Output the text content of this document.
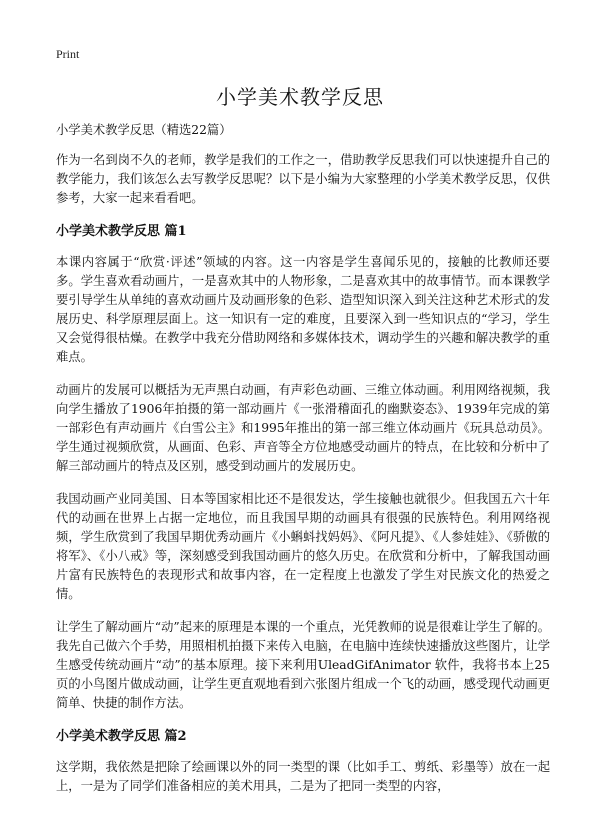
Print
小学美术教学反思
小学美术教学反思（精选22篇）

作为一名到岗不久的老师，教学是我们的工作之一，借助教学反思我们可以快速提升自己的教学能力，我们该怎么去写教学反思呢？以下是小编为大家整理的小学美术教学反思，仅供参考，大家一起来看看吧。

小学美术教学反思 篇1

本课内容属于“欣赏·评述”领域的内容。这一内容是学生喜闻乐见的，接触的比教师还要多。学生喜欢看动画片，一是喜欢其中的人物形象，二是喜欢其中的故事情节。而本课教学要引导学生从单纯的喜欢动画片及动画形象的色彩、造型知识深入到关注这种艺术形式的发展历史、科学原理层面上。这一知识有一定的难度，且要深入到一些知识点的“学习，学生又会觉得很枯燥。在教学中我充分借助网络和多媒体技术，调动学生的兴趣和解决教学的重难点。

动画片的发展可以概括为无声黑白动画，有声彩色动画、三维立体动画。利用网络视频，我向学生播放了1906年拍摄的第一部动画片《一张滑稽面孔的幽默姿态》、1939年完成的第一部彩色有声动画片《白雪公主》和1995年推出的第一部三维立体动画片《玩具总动员》。学生通过视频欣赏，从画面、色彩、声音等全方位地感受动画片的特点，在比较和分析中了解三部动画片的特点及区别，感受到动画片的发展历史。

我国动画产业同美国、日本等国家相比还不是很发达，学生接触也就很少。但我国五六十年代的动画在世界上占据一定地位，而且我国早期的动画具有很强的民族特色。利用网络视频，学生欣赏到了我国早期优秀动画片《小蝌蚪找妈妈》、《阿凡提》、《人参娃娃》、《骄傲的将军》、《小八戒》等，深刻感受到我国动画片的悠久历史。在欣赏和分析中，了解我国动画片富有民族特色的表现形式和故事内容，在一定程度上也激发了学生对民族文化的热爱之情。

让学生了解动画片“动”起来的原理是本课的一个重点，光凭教师的说是很难让学生了解的。我先自己做六个手势，用照相机拍摄下来传入电脑，在电脑中连续快速播放这些图片，让学生感受传统动画片“动”的基本原理。接下来利用UleadGifAnimator 软件，我将书本上25页的小鸟图片做成动画，让学生更直观地看到六张图片组成一个飞的动画，感受现代动画更简单、快捷的制作方法。

小学美术教学反思 篇2

这学期，我依然是把除了绘画课以外的同一类型的课（比如手工、剪纸、彩墨等）放在一起上，一是为了同学们准备相应的美术用具，二是为了把同一类型的内容，
